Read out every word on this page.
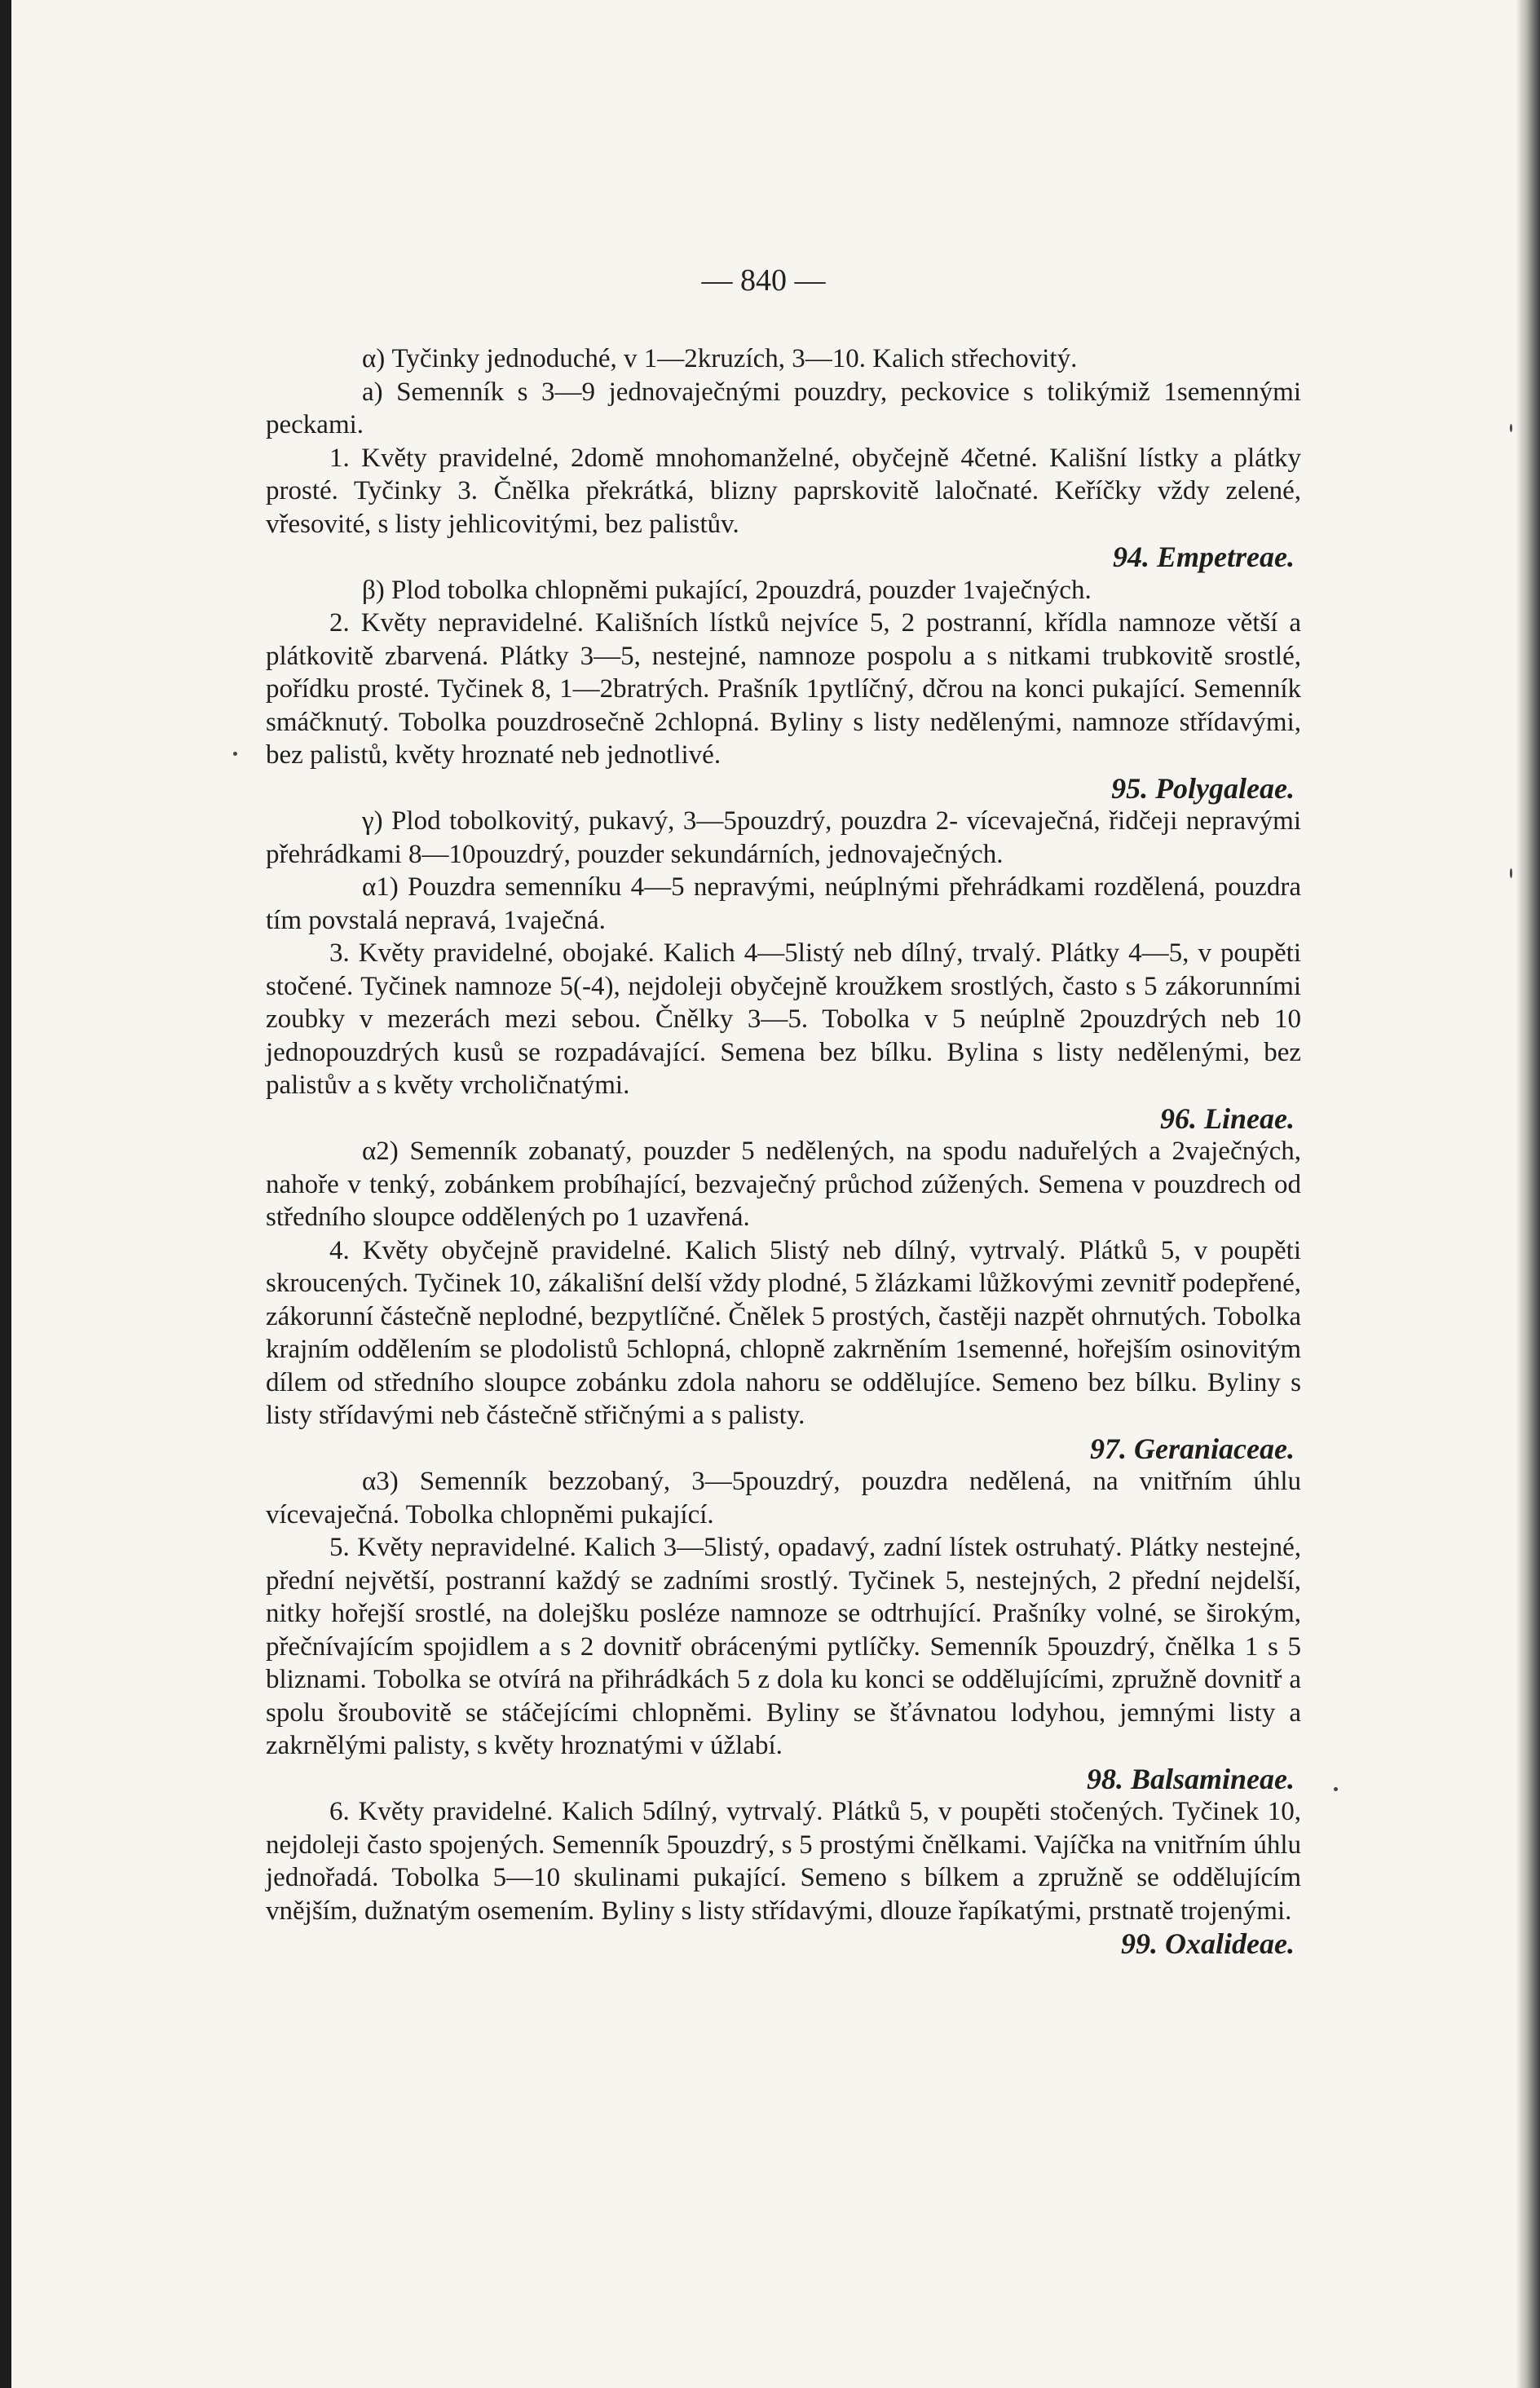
— 840 —
α) Tyčinky jednoduché, v 1—2kruzích, 3—10. Kalich střechovitý.
a) Semenník s 3—9 jednovaječnými pouzdry, peckovice s tolikýmiž 1semennými peckami.
1. Květy pravidelné, 2domě mnohomanželné, obyčejně 4četné. Kališní lístky a plátky prosté. Tyčinky 3. Čnělka překrátká, blizny paprskovitě laločnaté. Keříčky vždy zelené, vřesovité, s listy jehlicovitými, bez palistův.
94. Empetreae.
β) Plod tobolka chlopněmi pukající, 2pouzdrá, pouzder 1vaječných.
2. Květy nepravidelné. Kališních lístků nejvíce 5, 2 postranní, křídla namnoze větší a plátkovitě zbarvená. Plátky 3—5, nestejné, namnoze pospolu a s nitkami trubkovitě srostlé, pořídku prosté. Tyčinek 8, 1—2bratrých. Prašník 1pytlíčný, dčrou na konci pukající. Semenník smáčknutý. Tobolka pouzdrosečně 2chlopná. Byliny s listy nedělenými, namnoze střídavými, bez palistů, květy hroznaté neb jednotlivé.
95. Polygaleae.
γ) Plod tobolkovitý, pukavý, 3—5pouzdrý, pouzdra 2- vícevaječná, řidčeji nepravými přehrádkami 8—10pouzdrý, pouzder sekundárních, jednovaječných.
α1) Pouzdra semenníku 4—5 nepravými, neúplnými přehrádkami rozdělená, pouzdra tím povstalá nepravá, 1vaječná.
3. Květy pravidelné, obojaké. Kalich 4—5listý neb dílný, trvalý. Plátky 4—5, v poupěti stočené. Tyčinek namnoze 5(-4), nejdoleji obyčejně kroužkem srostlých, často s 5 zákorunními zoubky v mezerách mezi sebou. Čnělky 3—5. Tobolka v 5 neúplně 2pouzdrých neb 10 jednopouzdrých kusů se rozpadávající. Semena bez bílku. Bylina s listy nedělenými, bez palistův a s květy vrcholičnatými.
96. Lineae.
α2) Semenník zobanatý, pouzder 5 nedělených, na spodu naduřelých a 2vaječných, nahoře v tenký, zobánkem probíhající, bezvaječný průchod zúžených. Semena v pouzdrech od středního sloupce oddělených po 1 uzavřená.
4. Květy obyčejně pravidelné. Kalich 5listý neb dílný, vytrvalý. Plátků 5, v poupěti skroucených. Tyčinek 10, zákališní delší vždy plodné, 5 žlázkami lůžkovými zevnitř podepřené, zákorunní částečně neplodné, bezpytlíčné. Čnělek 5 prostých, častěji nazpět ohrnutých. Tobolka krajním oddělením se plodolistů 5chlopná, chlopně zakrněním 1semenné, hořejším osinovitým dílem od středního sloupce zobánku zdola nahoru se oddělujíce. Semeno bez bílku. Byliny s listy střídavými neb částečně střičnými a s palisty.
97. Geraniaceae.
α3) Semenník bezzobaný, 3—5pouzdrý, pouzdra nedělená, na vnitřním úhlu vícevaječná. Tobolka chlopněmi pukající.
5. Květy nepravidelné. Kalich 3—5listý, opadavý, zadní lístek ostruhatý. Plátky nestejné, přední největší, postranní každý se zadními srostlý. Tyčinek 5, nestejných, 2 přední nejdelší, nitky hořejší srostlé, na dolejšku posléze namnoze se odtrhující. Prašníky volné, se širokým, přečnívajícím spojidlem a s 2 dovnitř obrácenými pytlíčky. Semenník 5pouzdrý, čnělka 1 s 5 bliznami. Tobolka se otvírá na přihrádkách 5 z dola ku konci se oddělujícími, zpružně dovnitř a spolu šroubovitě se stáčejícími chlopněmi. Byliny se šťávnatou lodyhou, jemnými listy a zakrnělými palisty, s květy hroznatými v úžlabí.
98. Balsamineae.
6. Květy pravidelné. Kalich 5dílný, vytrvalý. Plátků 5, v poupěti stočených. Tyčinek 10, nejdoleji často spojených. Semenník 5pouzdrý, s 5 prostými čnělkami. Vajíčka na vnitřním úhlu jednořadá. Tobolka 5—10 skulinami pukající. Semeno s bílkem a zpružně se oddělujícím vnějším, dužnatým osemením. Byliny s listy střídavými, dlouze řapíkatými, prstnatě trojenými.
99. Oxalideae.
